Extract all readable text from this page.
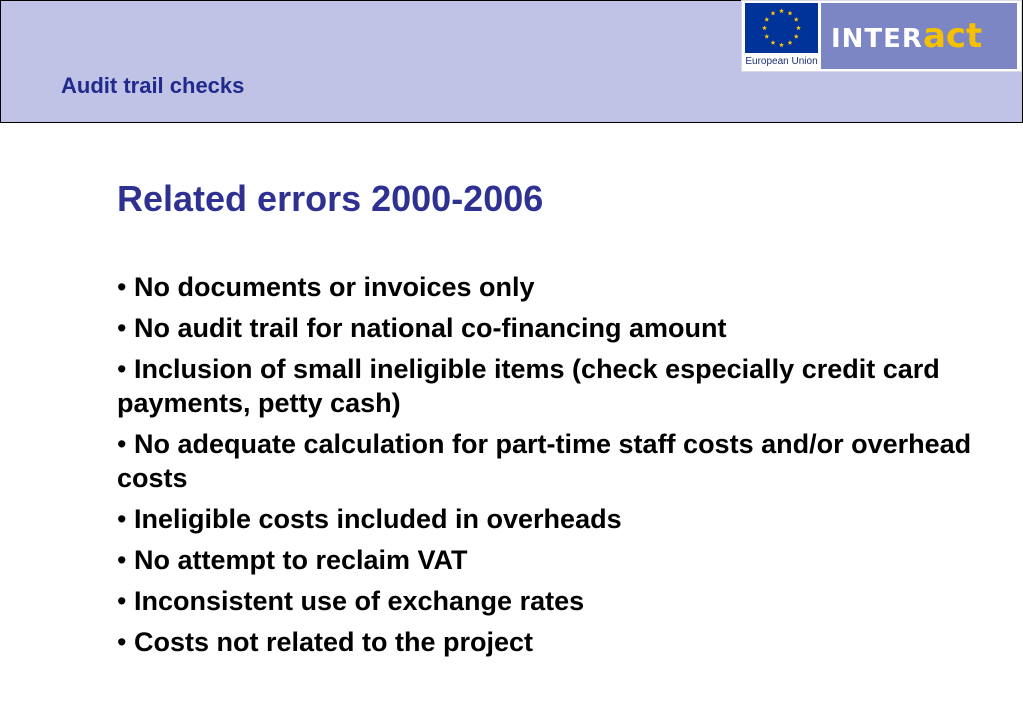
Audit trail checks
European Union
INTERact
Related errors 2000-2006
• No documents or invoices only
• No audit trail for national co-financing amount
• Inclusion of small ineligible items (check especially credit card payments, petty cash)
• No adequate calculation for part-time staff costs and/or overhead costs
• Ineligible costs included in overheads
• No attempt to reclaim VAT
• Inconsistent use of exchange rates
• Costs not related to the project
